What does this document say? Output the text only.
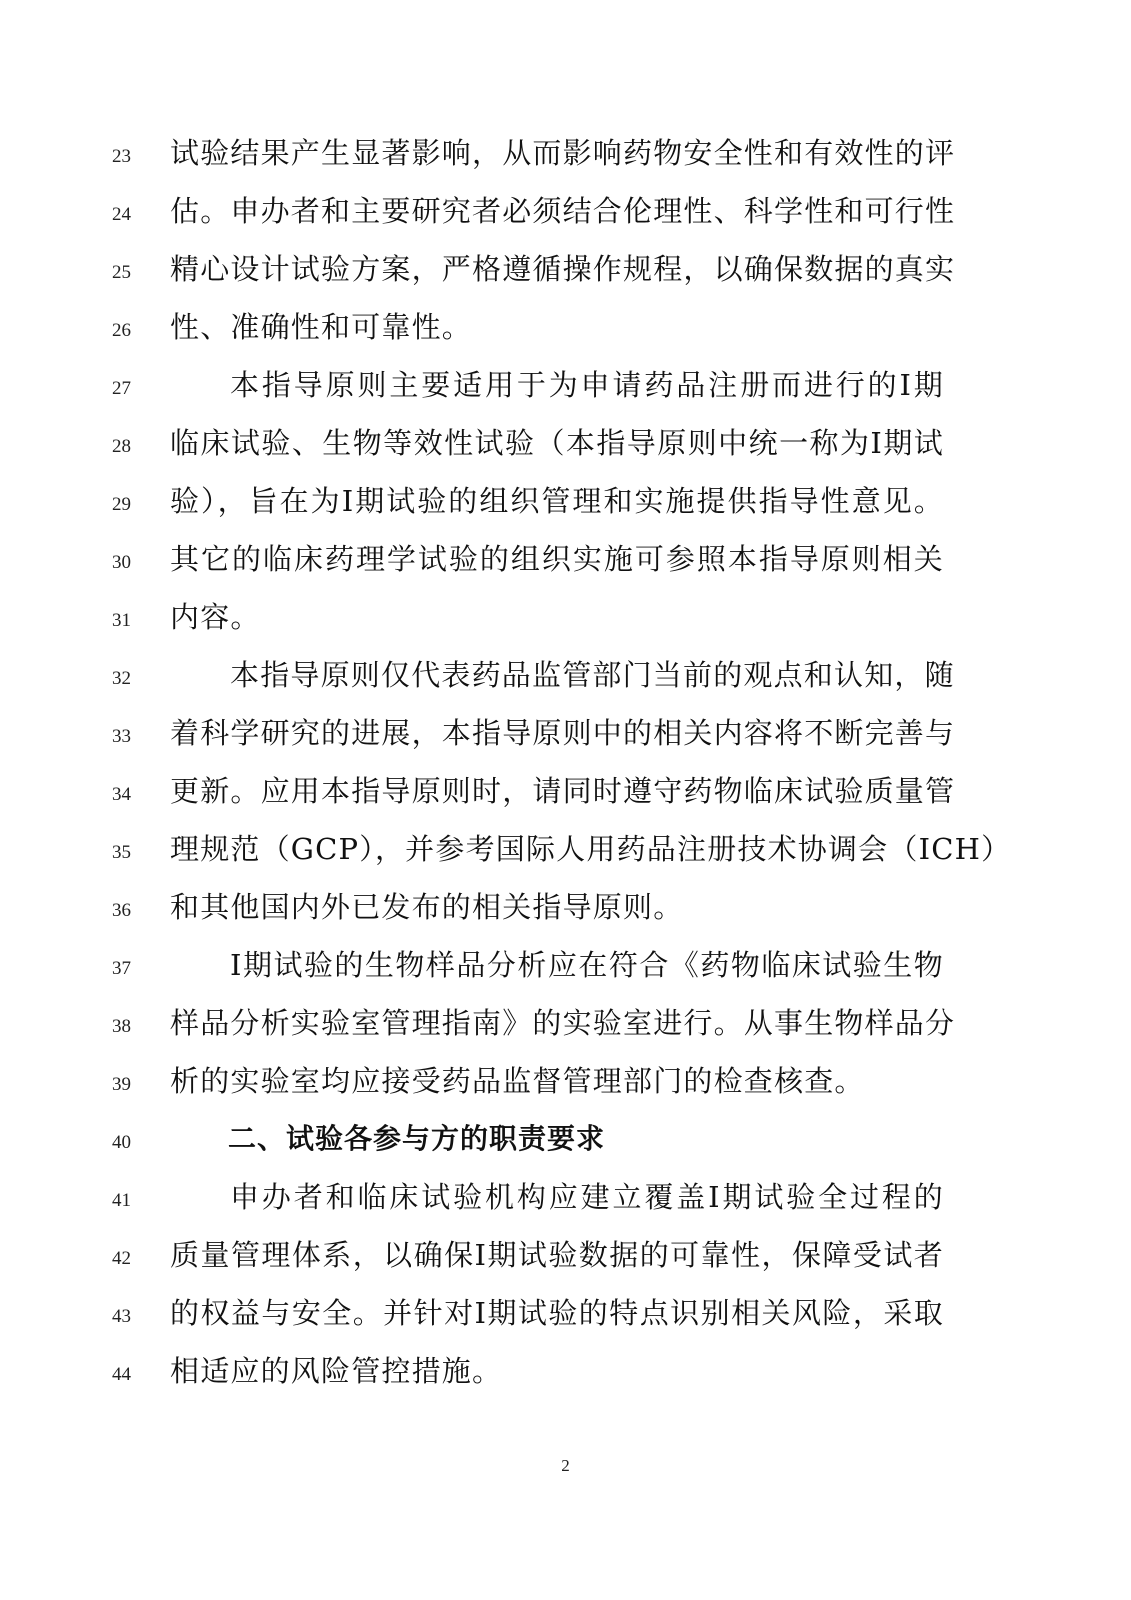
23	试验结果产生显著影响，从而影响药物安全性和有效性的评
24	估。申办者和主要研究者必须结合伦理性、科学性和可行性
25	精心设计试验方案，严格遵循操作规程，以确保数据的真实
26	性、准确性和可靠性。
27	本指导原则主要适用于为申请药品注册而进行的Ⅰ期
28	临床试验、生物等效性试验（本指导原则中统一称为Ⅰ期试
29	验），旨在为Ⅰ期试验的组织管理和实施提供指导性意见。
30	其它的临床药理学试验的组织实施可参照本指导原则相关
31	内容。
32	本指导原则仅代表药品监管部门当前的观点和认知，随
33	着科学研究的进展，本指导原则中的相关内容将不断完善与
34	更新。应用本指导原则时，请同时遵守药物临床试验质量管
35	理规范（GCP），并参考国际人用药品注册技术协调会（ICH）
36	和其他国内外已发布的相关指导原则。
37	Ⅰ期试验的生物样品分析应在符合《药物临床试验生物
38	样品分析实验室管理指南》的实验室进行。从事生物样品分
39	析的实验室均应接受药品监督管理部门的检查核查。
40	二、试验各参与方的职责要求
41	申办者和临床试验机构应建立覆盖Ⅰ期试验全过程的
42	质量管理体系，以确保Ⅰ期试验数据的可靠性，保障受试者
43	的权益与安全。并针对Ⅰ期试验的特点识别相关风险，采取
44	相适应的风险管控措施。
2
